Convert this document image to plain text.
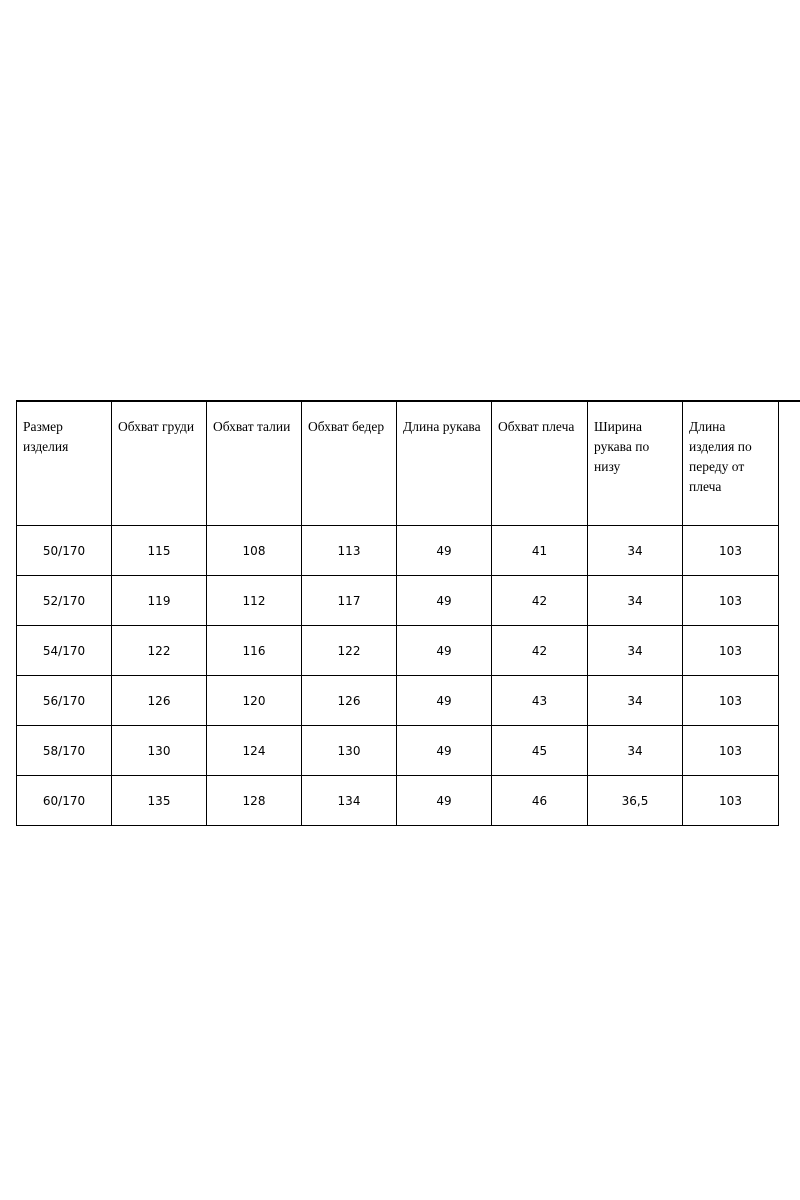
Размер изделия	Обхват груди	Обхват талии	Обхват бедер	Длина рукава	Обхват плеча	Ширина рукава по низу	Длина изделия по переду от плеча

50/170	115	108	113	49	41	34	103
52/170	119	112	117	49	42	34	103
54/170	122	116	122	49	42	34	103
56/170	126	120	126	49	43	34	103
58/170	130	124	130	49	45	34	103
60/170	135	128	134	49	46	36,5	103
